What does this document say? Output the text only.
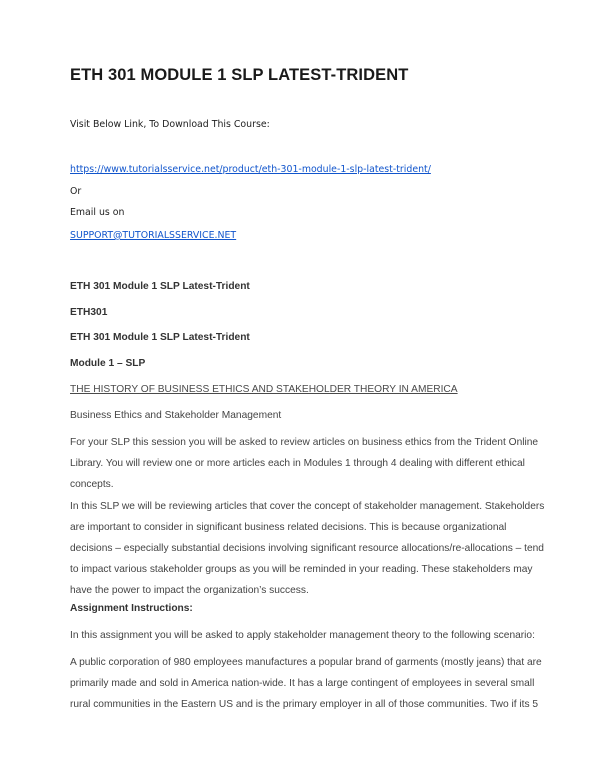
ETH 301 MODULE 1 SLP LATEST-TRIDENT

Visit Below Link, To Download This Course:

https://www.tutorialsservice.net/product/eth-301-module-1-slp-latest-trident/

Or

Email us on

SUPPORT@TUTORIALSSERVICE.NET

ETH 301 Module 1 SLP Latest-Trident

ETH301

ETH 301 Module 1 SLP Latest-Trident

Module 1 – SLP

THE HISTORY OF BUSINESS ETHICS AND STAKEHOLDER THEORY IN AMERICA

Business Ethics and Stakeholder Management

For your SLP this session you will be asked to review articles on business ethics from the Trident Online
Library. You will review one or more articles each in Modules 1 through 4 dealing with different ethical
concepts.
In this SLP we will be reviewing articles that cover the concept of stakeholder management. Stakeholders
are important to consider in significant business related decisions. This is because organizational
decisions – especially substantial decisions involving significant resource allocations/re-allocations – tend
to impact various stakeholder groups as you will be reminded in your reading. These stakeholders may
have the power to impact the organization’s success.

Assignment Instructions:

In this assignment you will be asked to apply stakeholder management theory to the following scenario:

A public corporation of 980 employees manufactures a popular brand of garments (mostly jeans) that are
primarily made and sold in America nation-wide. It has a large contingent of employees in several small
rural communities in the Eastern US and is the primary employer in all of those communities. Two if its 5
